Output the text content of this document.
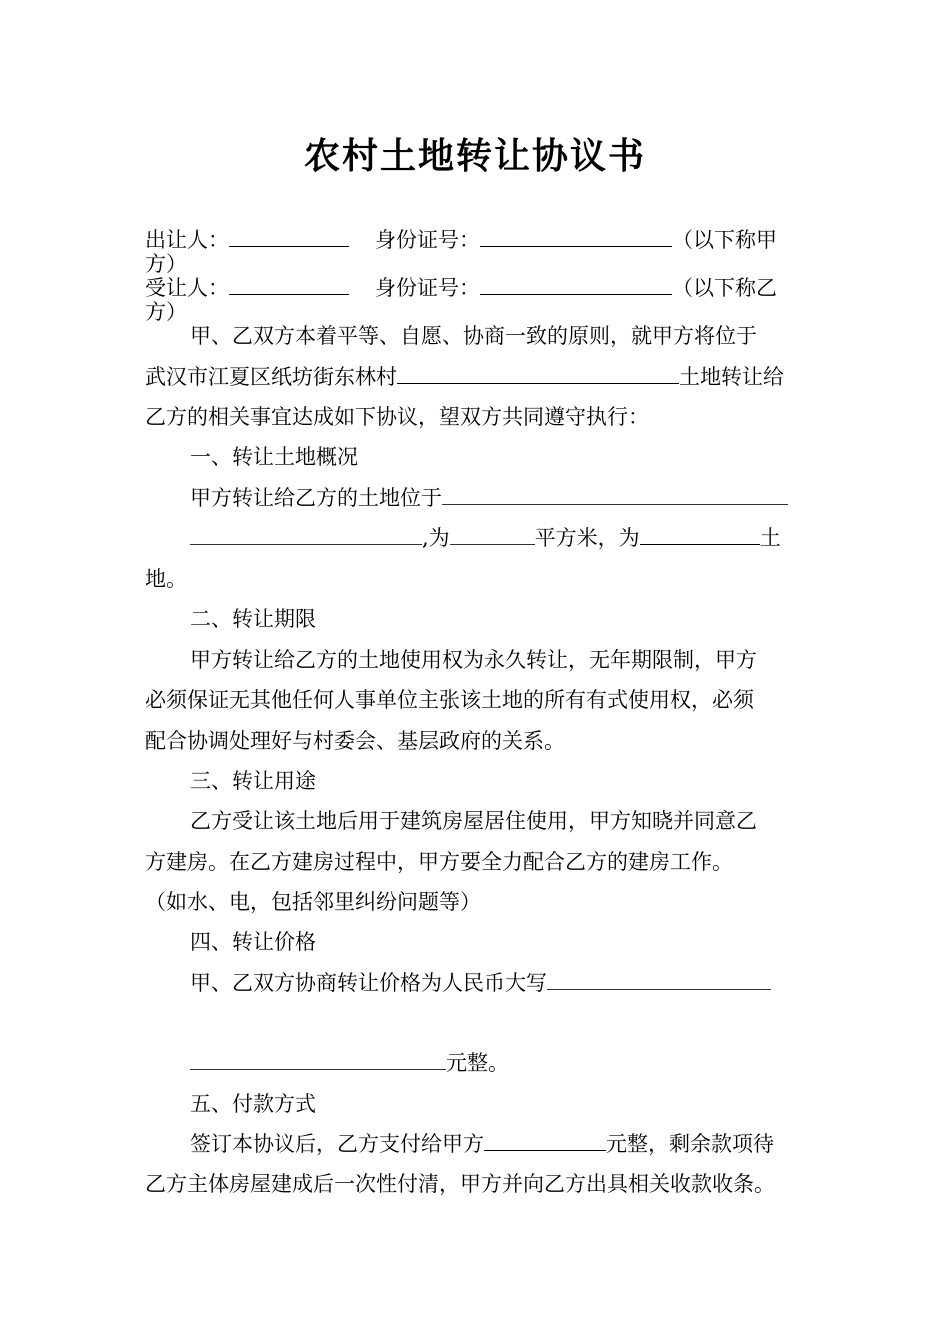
农村土地转让协议书
出让人：	身份证号：	（以下称甲
方）
受让人：	身份证号：	（以下称乙
方）
甲、乙双方本着平等、自愿、协商一致的原则，就甲方将位于
武汉市江夏区纸坊街东林村	土地转让给
乙方的相关事宜达成如下协议，望双方共同遵守执行：
一、转让土地概况
甲方转让给乙方的土地位于
,为	平方米，为	土
地。
二、转让期限
甲方转让给乙方的土地使用权为永久转让，无年期限制，甲方
必须保证无其他任何人事单位主张该土地的所有有式使用权，必须
配合协调处理好与村委会、基层政府的关系。
三、转让用途
乙方受让该土地后用于建筑房屋居住使用，甲方知晓并同意乙
方建房。在乙方建房过程中，甲方要全力配合乙方的建房工作。
（如水、电，包括邻里纠纷问题等）
四、转让价格
甲、乙双方协商转让价格为人民币大写
元整。
五、付款方式
签订本协议后，乙方支付给甲方	元整，剩余款项待
乙方主体房屋建成后一次性付清，甲方并向乙方出具相关收款收条。
